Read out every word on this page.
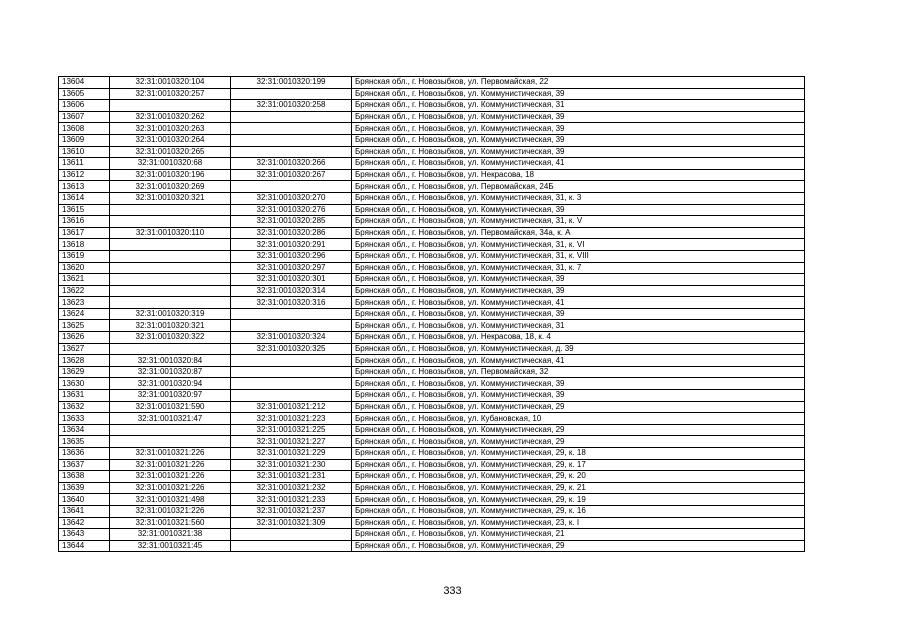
13604	32:31:0010320:104	32:31:0010320:199	Брянская обл., г. Новозыбков, ул. Первомайская, 22
13605	32:31:0010320:257		Брянская обл., г. Новозыбков, ул. Коммунистическая, 39
13606		32:31:0010320:258	Брянская обл., г. Новозыбков, ул. Коммунистическая, 31
13607	32:31:0010320:262		Брянская обл., г. Новозыбков, ул. Коммунистическая, 39
13608	32:31:0010320:263		Брянская обл., г. Новозыбков, ул. Коммунистическая, 39
13609	32:31:0010320:264		Брянская обл., г. Новозыбков, ул. Коммунистическая, 39
13610	32:31:0010320:265		Брянская обл., г. Новозыбков, ул. Коммунистическая, 39
13611	32:31:0010320:68	32:31:0010320:266	Брянская обл., г. Новозыбков, ул. Коммунистическая, 41
13612	32:31:0010320:196	32:31:0010320:267	Брянская обл., г. Новозыбков, ул. Некрасова, 18
13613	32:31:0010320:269		Брянская обл., г. Новозыбков, ул. Первомайская, 24Б
13614	32:31:0010320:321	32:31:0010320:270	Брянская обл., г. Новозыбков, ул. Коммунистическая, 31, к. 3
13615		32:31:0010320:276	Брянская обл., г. Новозыбков, ул. Коммунистическая, 39
13616		32:31:0010320:285	Брянская обл., г. Новозыбков, ул. Коммунистическая, 31, к. V
13617	32:31:0010320:110	32:31:0010320:286	Брянская обл., г. Новозыбков, ул. Первомайская, 34а, к. А
13618		32:31:0010320:291	Брянская обл., г. Новозыбков, ул. Коммунистическая, 31, к. VI
13619		32:31:0010320:296	Брянская обл., г. Новозыбков, ул. Коммунистическая, 31, к. VIII
13620		32:31:0010320:297	Брянская обл., г. Новозыбков, ул. Коммунистическая, 31, к. 7
13621		32:31:0010320:301	Брянская обл., г. Новозыбков, ул. Коммунистическая, 39
13622		32:31:0010320:314	Брянская обл., г. Новозыбков, ул. Коммунистическая, 39
13623		32:31:0010320:316	Брянская обл., г. Новозыбков, ул. Коммунистическая, 41
13624	32:31:0010320:319		Брянская обл., г. Новозыбков, ул. Коммунистическая, 39
13625	32:31:0010320:321		Брянская обл., г. Новозыбков, ул. Коммунистическая, 31
13626	32:31:0010320:322	32:31:0010320:324	Брянская обл., г. Новозыбков, ул. Некрасова, 18, к. 4
13627		32:31:0010320:325	Брянская обл., г. Новозыбков, ул. Коммунистическая, д. 39
13628	32:31:0010320:84		Брянская обл., г. Новозыбков, ул. Коммунистическая, 41
13629	32:31:0010320:87		Брянская обл., г. Новозыбков, ул. Первомайская, 32
13630	32:31:0010320:94		Брянская обл., г. Новозыбков, ул. Коммунистическая, 39
13631	32:31:0010320:97		Брянская обл., г. Новозыбков, ул. Коммунистическая, 39
13632	32:31:0010321:590	32:31:0010321:212	Брянская обл., г. Новозыбков, ул. Коммунистическая, 29
13633	32:31:0010321:47	32:31:0010321:223	Брянская обл., г. Новозыбков, ул. Кубановская, 10
13634		32:31:0010321:225	Брянская обл., г. Новозыбков, ул. Коммунистическая, 29
13635		32:31:0010321:227	Брянская обл., г. Новозыбков, ул. Коммунистическая, 29
13636	32:31:0010321:226	32:31:0010321:229	Брянская обл., г. Новозыбков, ул. Коммунистическая, 29, к. 18
13637	32:31:0010321:226	32:31:0010321:230	Брянская обл., г. Новозыбков, ул. Коммунистическая, 29, к. 17
13638	32:31:0010321:226	32:31:0010321:231	Брянская обл., г. Новозыбков, ул. Коммунистическая, 29, к. 20
13639	32:31:0010321:226	32:31:0010321:232	Брянская обл., г. Новозыбков, ул. Коммунистическая, 29, к. 21
13640	32:31:0010321:498	32:31:0010321:233	Брянская обл., г. Новозыбков, ул. Коммунистическая, 29, к. 19
13641	32:31:0010321:226	32:31:0010321:237	Брянская обл., г. Новозыбков, ул. Коммунистическая, 29, к. 16
13642	32:31:0010321:560	32:31:0010321:309	Брянская обл., г. Новозыбков, ул. Коммунистическая, 23, к. I
13643	32:31:0010321:38		Брянская обл., г. Новозыбков, ул. Коммунистическая, 21
13644	32:31:0010321:45		Брянская обл., г. Новозыбков, ул. Коммунистическая, 29
333
